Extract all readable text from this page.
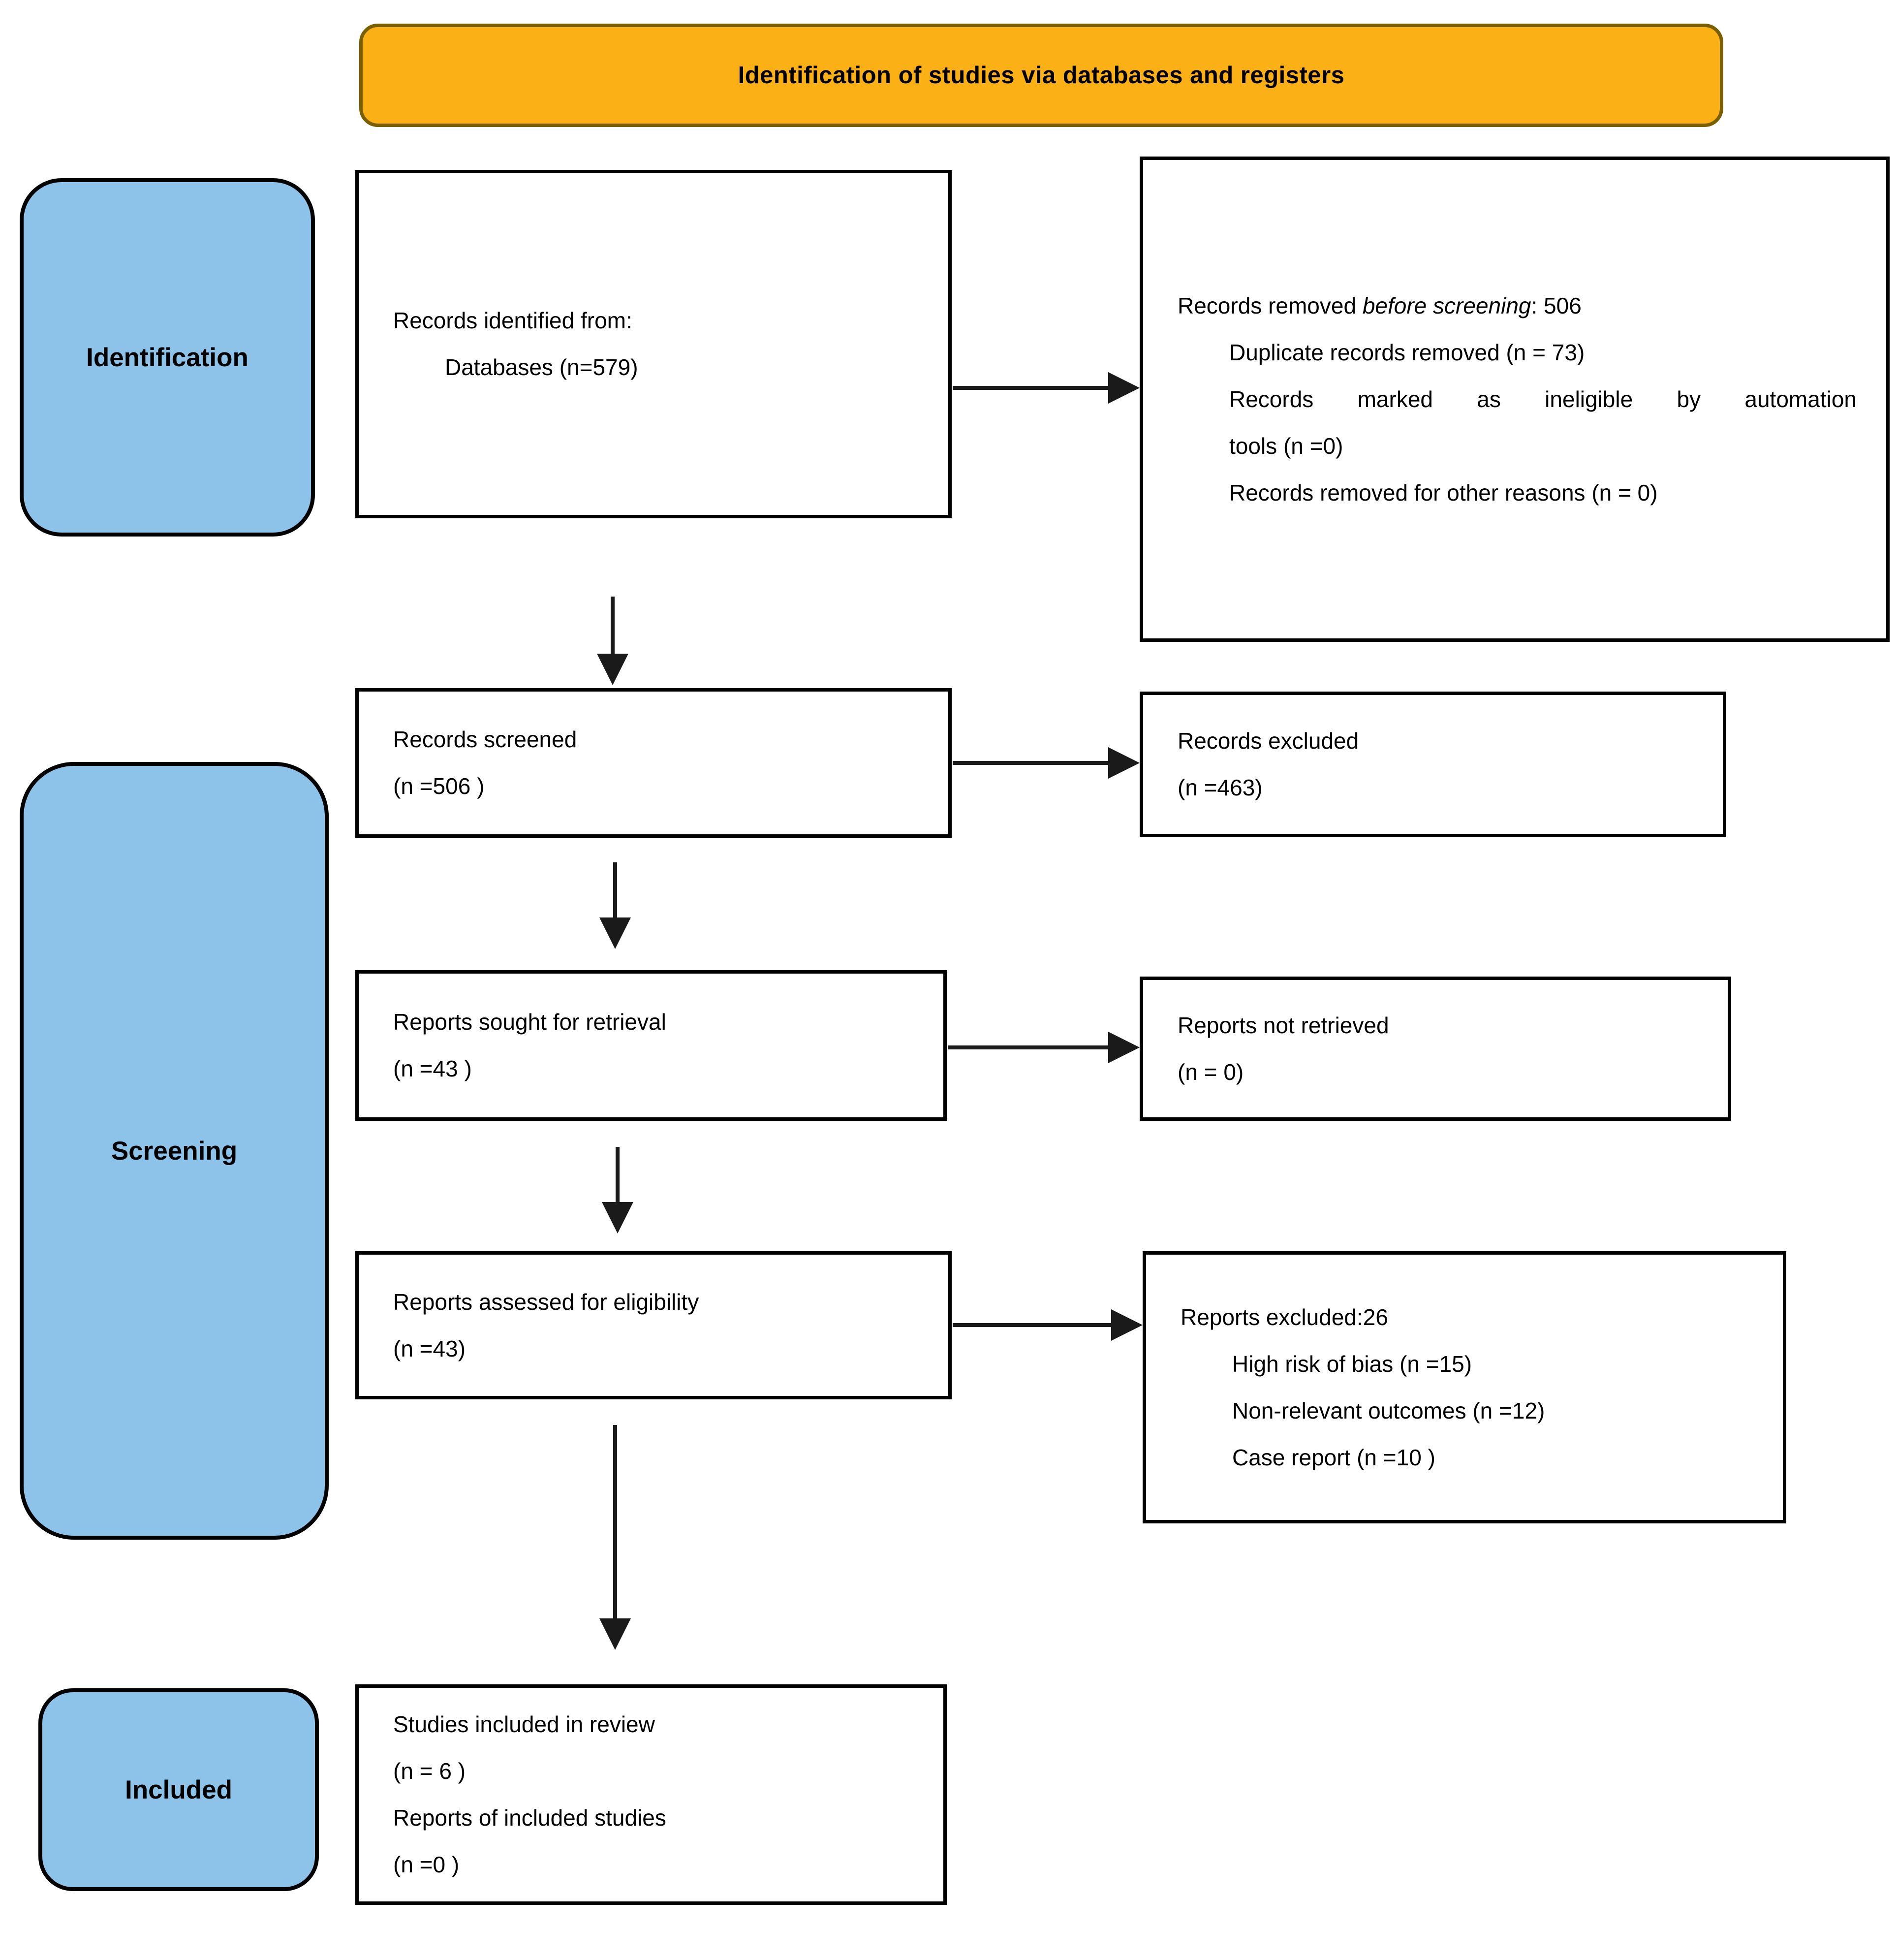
Identification of studies via databases and registers
Identification
Screening
Included
Records identified from:
Databases (n=579)
Records screened
(n =506 )
Reports sought for retrieval
(n =43 )
Reports assessed for eligibility
(n =43)
Studies included in review
(n = 6 )
Reports of included studies
(n =0 )
Records removed before screening: 506
Duplicate records removed (n = 73)
Records marked as ineligible by automation
tools (n =0)
Records removed for other reasons (n = 0)
Records excluded
(n =463)
Reports not retrieved
(n = 0)
Reports excluded:26
High risk of bias (n =15)
Non-relevant outcomes (n =12)
Case report (n =10 )
